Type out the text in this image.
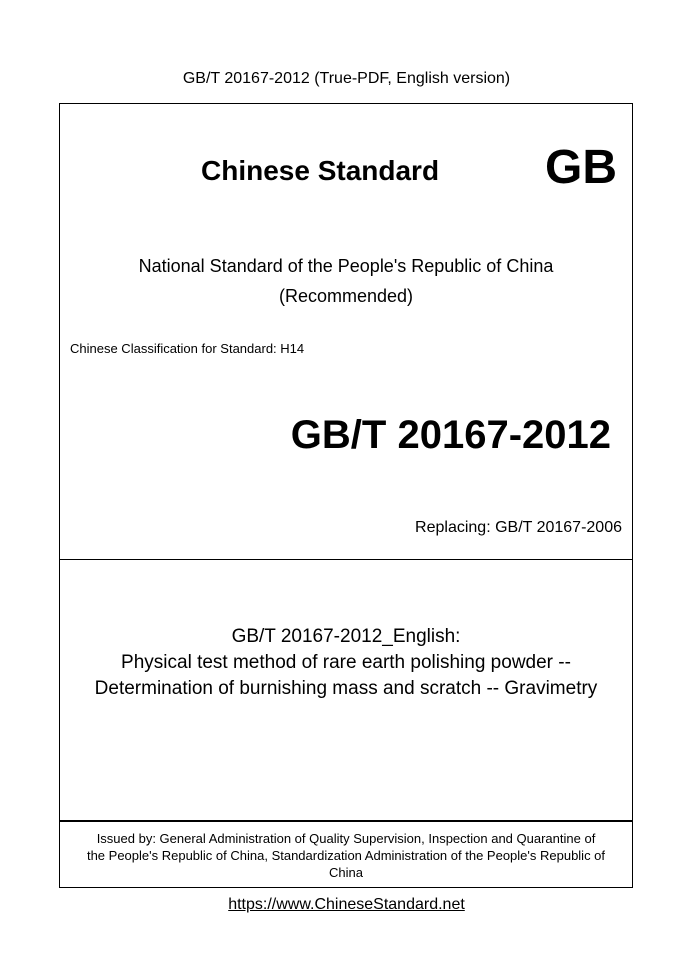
GB/T 20167-2012 (True-PDF, English version)
Chinese Standard GB
National Standard of the People's Republic of China
(Recommended)
Chinese Classification for Standard: H14
GB/T 20167-2012
Replacing: GB/T 20167-2006
GB/T 20167-2012_English:
Physical test method of rare earth polishing powder --
Determination of burnishing mass and scratch -- Gravimetry
Issued by: General Administration of Quality Supervision, Inspection and Quarantine of
the People's Republic of China, Standardization Administration of the People's Republic of
China
https://www.ChineseStandard.net
